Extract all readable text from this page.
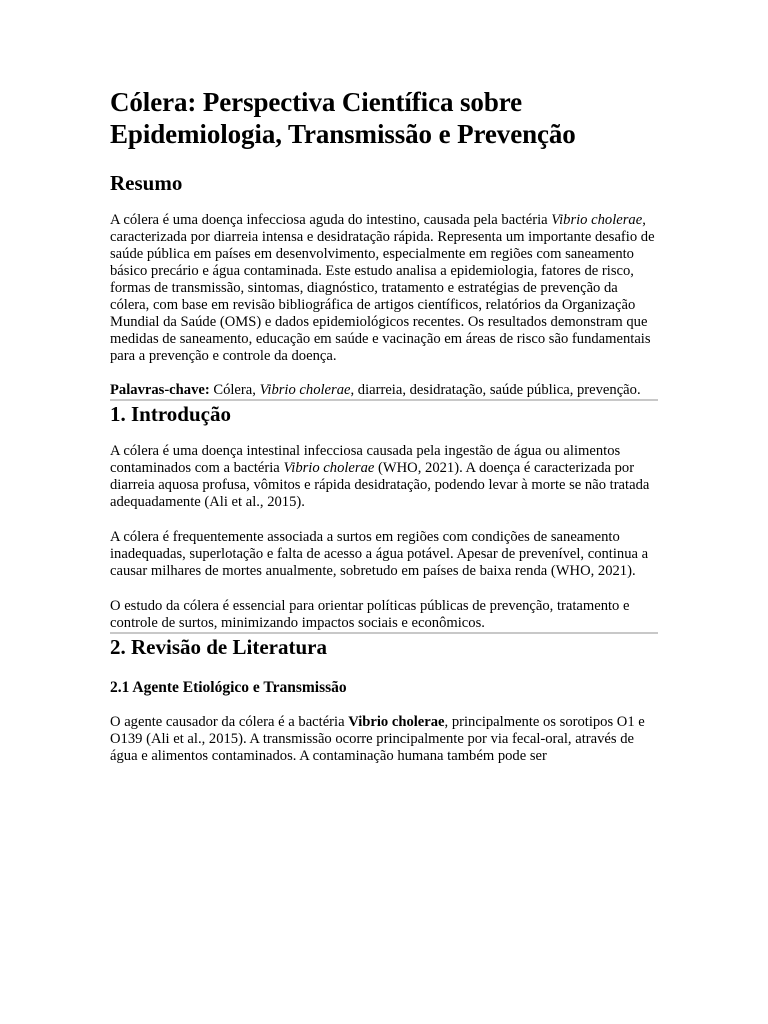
Cólera: Perspectiva Científica sobre Epidemiologia, Transmissão e Prevenção
Resumo

A cólera é uma doença infecciosa aguda do intestino, causada pela bactéria Vibrio cholerae, caracterizada por diarreia intensa e desidratação rápida. Representa um importante desafio de saúde pública em países em desenvolvimento, especialmente em regiões com saneamento básico precário e água contaminada. Este estudo analisa a epidemiologia, fatores de risco, formas de transmissão, sintomas, diagnóstico, tratamento e estratégias de prevenção da cólera, com base em revisão bibliográfica de artigos científicos, relatórios da Organização Mundial da Saúde (OMS) e dados epidemiológicos recentes. Os resultados demonstram que medidas de saneamento, educação em saúde e vacinação em áreas de risco são fundamentais para a prevenção e controle da doença.

Palavras-chave: Cólera, Vibrio cholerae, diarreia, desidratação, saúde pública, prevenção.

1. Introdução

A cólera é uma doença intestinal infecciosa causada pela ingestão de água ou alimentos contaminados com a bactéria Vibrio cholerae (WHO, 2021). A doença é caracterizada por diarreia aquosa profusa, vômitos e rápida desidratação, podendo levar à morte se não tratada adequadamente (Ali et al., 2015).

A cólera é frequentemente associada a surtos em regiões com condições de saneamento inadequadas, superlotação e falta de acesso a água potável. Apesar de prevenível, continua a causar milhares de mortes anualmente, sobretudo em países de baixa renda (WHO, 2021).

O estudo da cólera é essencial para orientar políticas públicas de prevenção, tratamento e controle de surtos, minimizando impactos sociais e econômicos.

2. Revisão de Literatura
2.1 Agente Etiológico e Transmissão

O agente causador da cólera é a bactéria Vibrio cholerae, principalmente os sorotipos O1 e O139 (Ali et al., 2015). A transmissão ocorre principalmente por via fecal-oral, através de água e alimentos contaminados. A contaminação humana também pode ser
